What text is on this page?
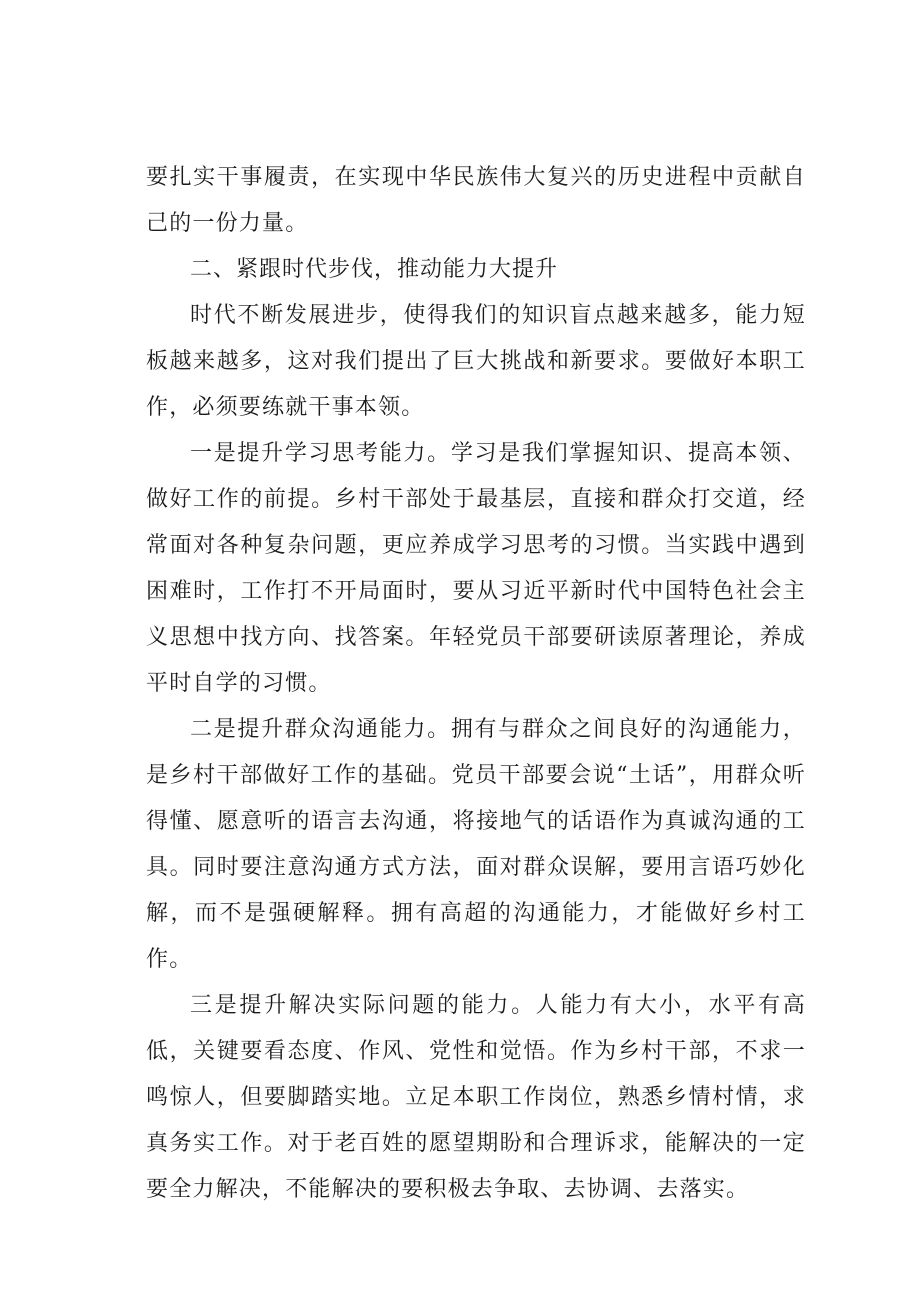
要扎实干事履责，在实现中华民族伟大复兴的历史进程中贡献自己的一份力量。

二、紧跟时代步伐，推动能力大提升

时代不断发展进步，使得我们的知识盲点越来越多，能力短板越来越多，这对我们提出了巨大挑战和新要求。要做好本职工作，必须要练就干事本领。

一是提升学习思考能力。学习是我们掌握知识、提高本领、做好工作的前提。乡村干部处于最基层，直接和群众打交道，经常面对各种复杂问题，更应养成学习思考的习惯。当实践中遇到困难时，工作打不开局面时，要从习近平新时代中国特色社会主义思想中找方向、找答案。年轻党员干部要研读原著理论，养成平时自学的习惯。

二是提升群众沟通能力。拥有与群众之间良好的沟通能力，是乡村干部做好工作的基础。党员干部要会说“土话”，用群众听得懂、愿意听的语言去沟通，将接地气的话语作为真诚沟通的工具。同时要注意沟通方式方法，面对群众误解，要用言语巧妙化解，而不是强硬解释。拥有高超的沟通能力，才能做好乡村工作。

三是提升解决实际问题的能力。人能力有大小，水平有高低，关键要看态度、作风、党性和觉悟。作为乡村干部，不求一鸣惊人，但要脚踏实地。立足本职工作岗位，熟悉乡情村情，求真务实工作。对于老百姓的愿望期盼和合理诉求，能解决的一定要全力解决，不能解决的要积极去争取、去协调、去落实。
